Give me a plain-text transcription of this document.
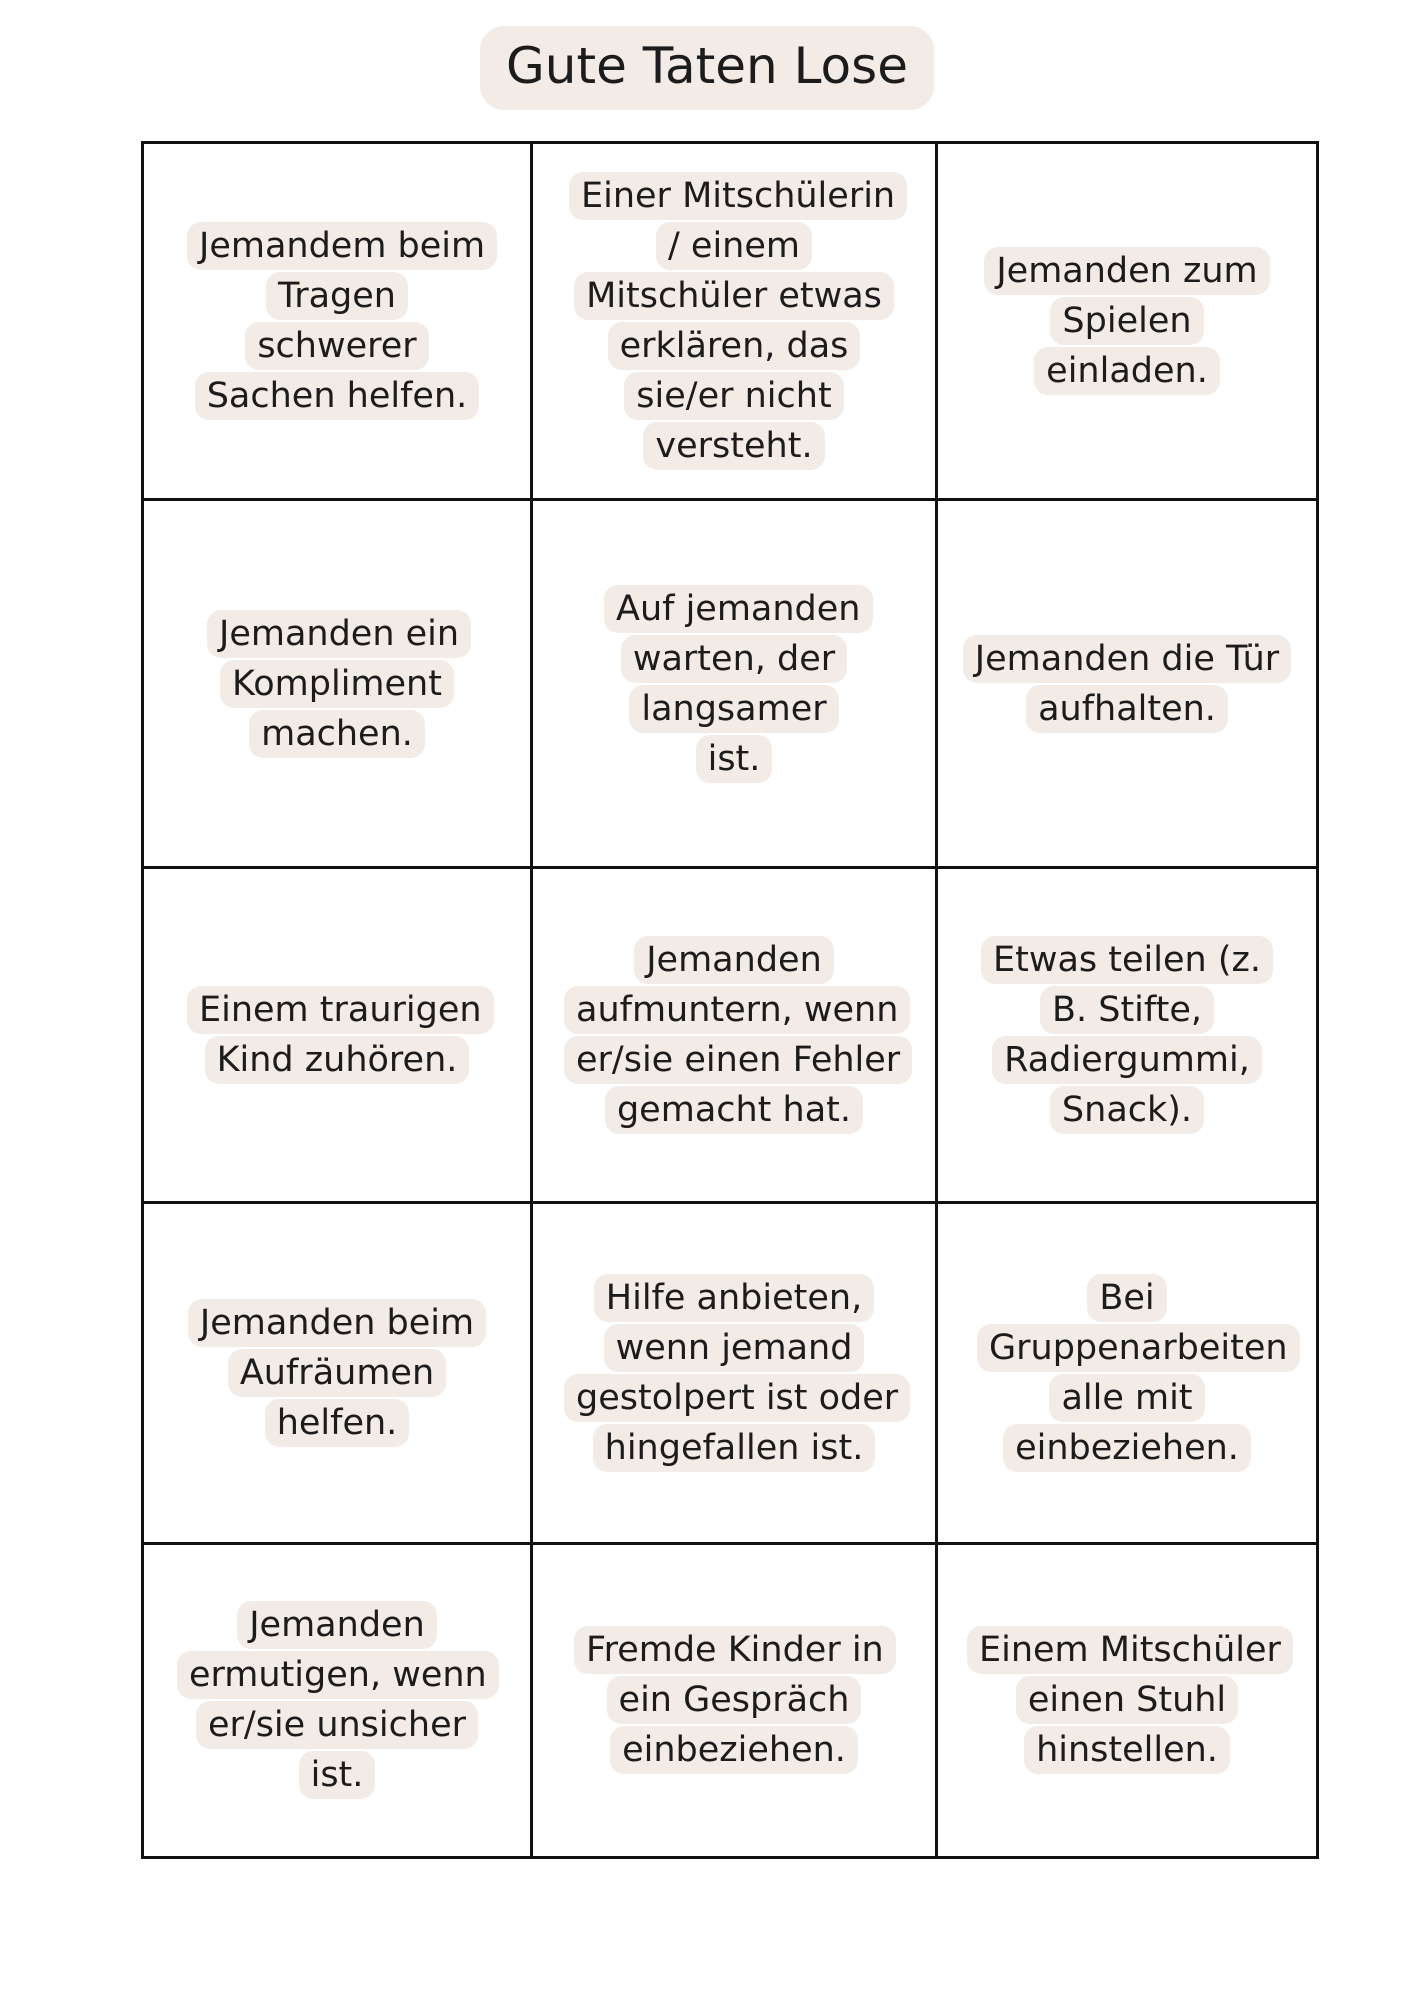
Gute Taten Lose
Jemandem beim Tragen schwerer Sachen helfen.
Einer Mitschülerin / einem Mitschüler etwas erklären, das sie/er nicht versteht.
Jemanden zum Spielen einladen.
Jemanden ein Kompliment machen.
Auf jemanden warten, der langsamer ist.
Jemanden die Tür aufhalten.
Einem traurigen Kind zuhören.
Jemanden aufmuntern, wenn er/sie einen Fehler gemacht hat.
Etwas teilen (z. B. Stifte, Radiergummi, Snack).
Jemanden beim Aufräumen helfen.
Hilfe anbieten, wenn jemand gestolpert ist oder hingefallen ist.
Bei Gruppenarbeiten alle mit einbeziehen.
Jemanden ermutigen, wenn er/sie unsicher ist.
Fremde Kinder in ein Gespräch einbeziehen.
Einem Mitschüler einen Stuhl hinstellen.
